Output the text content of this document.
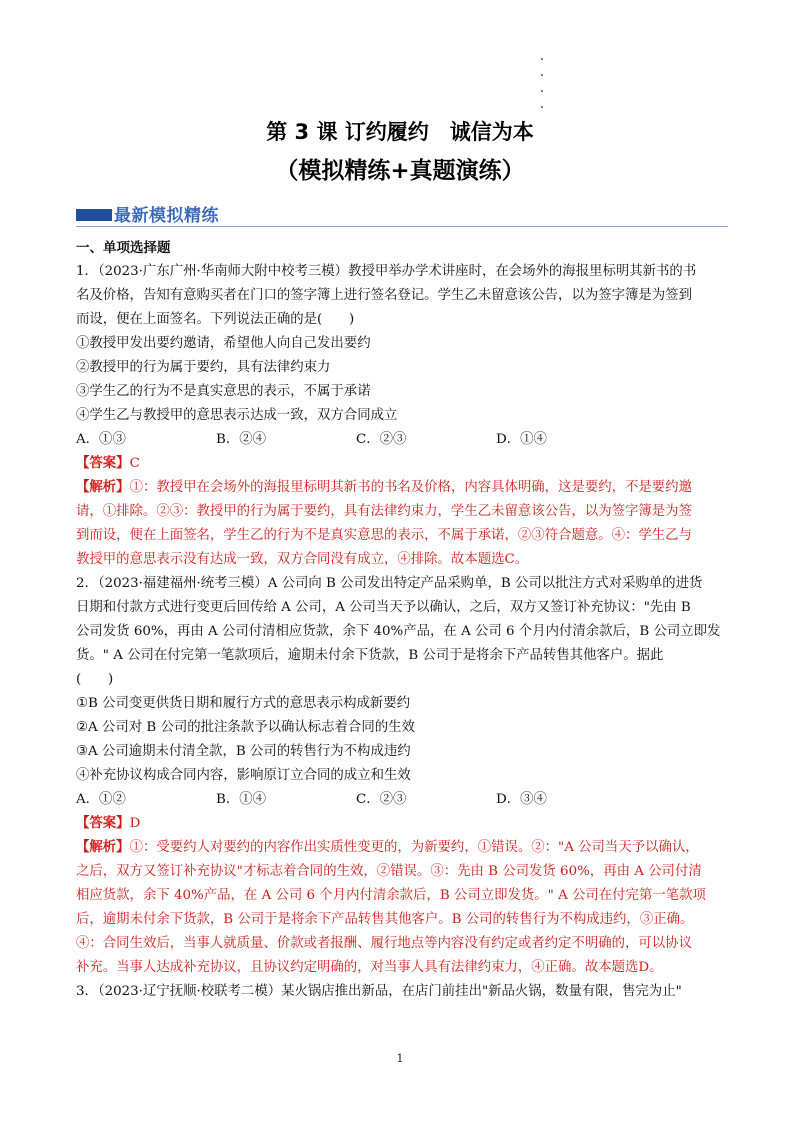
第 3 课 订约履约　诚信为本
（模拟精练+真题演练）
最新模拟精练
一、单项选择题
1．（2023·广东广州·华南师大附中校考三模）教授甲举办学术讲座时，在会场外的海报里标明其新书的书
名及价格，告知有意购买者在门口的签字簿上进行签名登记。学生乙未留意该公告，以为签字簿是为签到
而设，便在上面签名。下列说法正确的是(　　)
①教授甲发出要约邀请，希望他人向自己发出要约
②教授甲的行为属于要约，具有法律约束力
③学生乙的行为不是真实意思的表示，不属于承诺
④学生乙与教授甲的意思表示达成一致，双方合同成立
A．①③	B．②④	C．②③	D．①④
【答案】C
【解析】①：教授甲在会场外的海报里标明其新书的书名及价格，内容具体明确，这是要约，不是要约邀
请，①排除。②③：教授甲的行为属于要约，具有法律约束力，学生乙未留意该公告，以为签字簿是为签
到而设，便在上面签名，学生乙的行为不是真实意思的表示，不属于承诺，②③符合题意。④：学生乙与
教授甲的意思表示没有达成一致，双方合同没有成立，④排除。故本题选C。
2．（2023·福建福州·统考三模）A 公司向 B 公司发出特定产品采购单，B 公司以批注方式对采购单的进货
日期和付款方式进行变更后回传给 A 公司，A 公司当天予以确认，之后，双方又签订补充协议："先由 B
公司发货 60%，再由 A 公司付清相应货款，余下 40%产品，在 A 公司 6 个月内付清余款后，B 公司立即发
货。" A 公司在付完第一笔款项后，逾期未付余下货款，B 公司于是将余下产品转售其他客户。据此
(　　)
①B 公司变更供货日期和履行方式的意思表示构成新要约
②A 公司对 B 公司的批注条款予以确认标志着合同的生效
③A 公司逾期未付清全款，B 公司的转售行为不构成违约
④补充协议构成合同内容，影响原订立合同的成立和生效
A．①②	B．①④	C．②③	D．③④
【答案】D
【解析】①：受要约人对要约的内容作出实质性变更的，为新要约，①错误。②："A 公司当天予以确认，
之后，双方又签订补充协议"才标志着合同的生效，②错误。③：先由 B 公司发货 60%，再由 A 公司付清
相应货款，余下 40%产品，在 A 公司 6 个月内付清余款后，B 公司立即发货。" A 公司在付完第一笔款项
后，逾期未付余下货款，B 公司于是将余下产品转售其他客户。B 公司的转售行为不构成违约，③正确。
④：合同生效后，当事人就质量、价款或者报酬、履行地点等内容没有约定或者约定不明确的，可以协议
补充。当事人达成补充协议，且协议约定明确的，对当事人具有法律约束力，④正确。故本题选D。
3．（2023·辽宁抚顺·校联考二模）某火锅店推出新品，在店门前挂出"新品火锅，数量有限，售完为止"
1
